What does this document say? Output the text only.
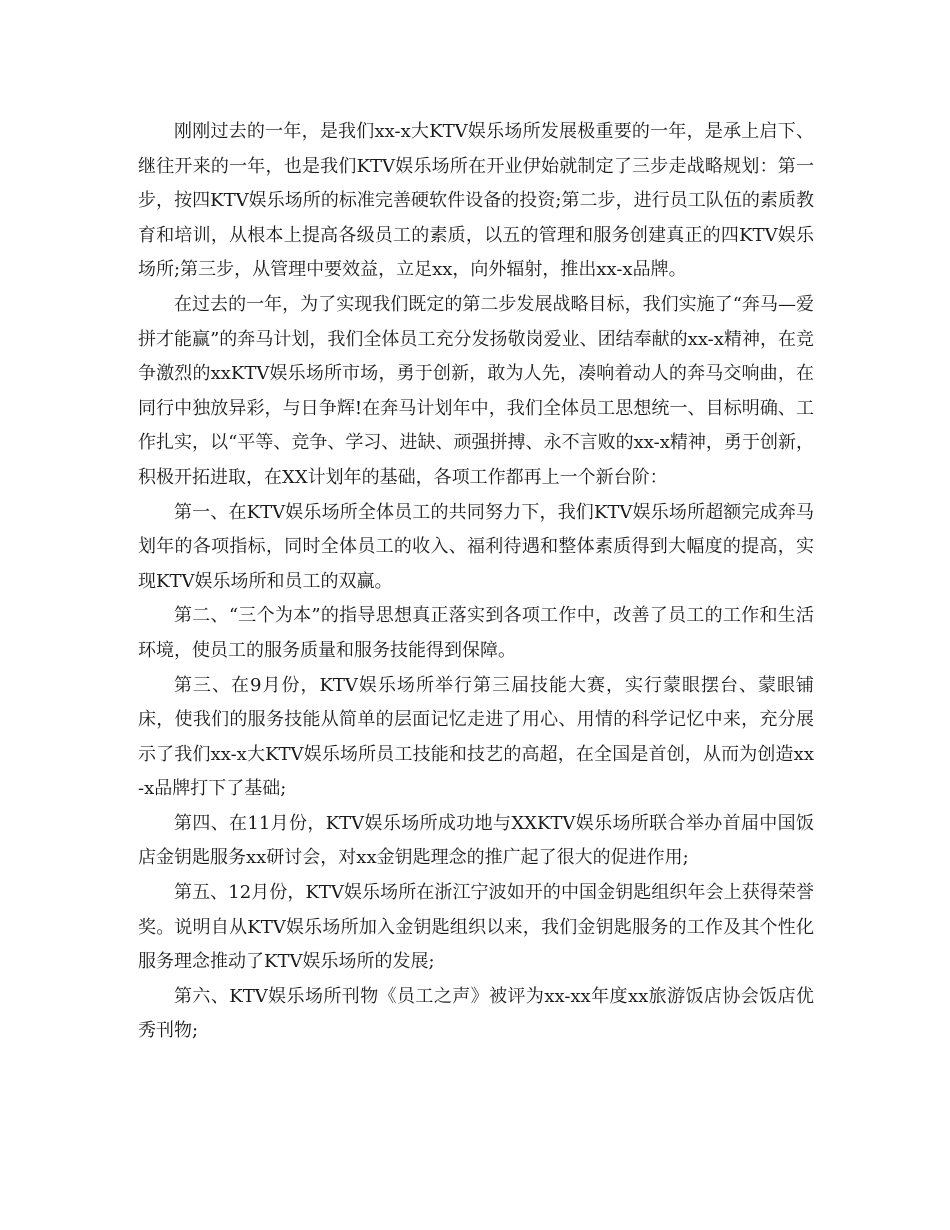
刚刚过去的一年，是我们xx-x大KTV娱乐场所发展极重要的一年，是承上启下、继往开来的一年，也是我们KTV娱乐场所在开业伊始就制定了三步走战略规划：第一步，按四KTV娱乐场所的标准完善硬软件设备的投资;第二步，进行员工队伍的素质教育和培训，从根本上提高各级员工的素质，以五的管理和服务创建真正的四KTV娱乐场所;第三步，从管理中要效益，立足xx，向外辐射，推出xx-x品牌。

在过去的一年，为了实现我们既定的第二步发展战略目标，我们实施了“奔马—爱拼才能赢”的奔马计划，我们全体员工充分发扬敬岗爱业、团结奉献的xx-x精神，在竞争激烈的xxKTV娱乐场所市场，勇于创新，敢为人先，凑响着动人的奔马交响曲，在同行中独放异彩，与日争辉!在奔马计划年中，我们全体员工思想统一、目标明确、工作扎实，以“平等、竞争、学习、进缺、顽强拼搏、永不言败的xx-x精神，勇于创新，积极开拓进取，在XX计划年的基础，各项工作都再上一个新台阶：

第一、在KTV娱乐场所全体员工的共同努力下，我们KTV娱乐场所超额完成奔马划年的各项指标，同时全体员工的收入、福利待遇和整体素质得到大幅度的提高，实现KTV娱乐场所和员工的双赢。

第二、“三个为本”的指导思想真正落实到各项工作中，改善了员工的工作和生活环境，使员工的服务质量和服务技能得到保障。

第三、在9月份，KTV娱乐场所举行第三届技能大赛，实行蒙眼摆台、蒙眼铺床，使我们的服务技能从简单的层面记忆走进了用心、用情的科学记忆中来，充分展示了我们xx-x大KTV娱乐场所员工技能和技艺的高超，在全国是首创，从而为创造xx-x品牌打下了基础;

第四、在11月份，KTV娱乐场所成功地与XXKTV娱乐场所联合举办首届中国饭店金钥匙服务xx研讨会，对xx金钥匙理念的推广起了很大的促进作用;

第五、12月份，KTV娱乐场所在浙江宁波如开的中国金钥匙组织年会上获得荣誉奖。说明自从KTV娱乐场所加入金钥匙组织以来，我们金钥匙服务的工作及其个性化服务理念推动了KTV娱乐场所的发展;

第六、KTV娱乐场所刊物《员工之声》被评为xx-xx年度xx旅游饭店协会饭店优秀刊物;
